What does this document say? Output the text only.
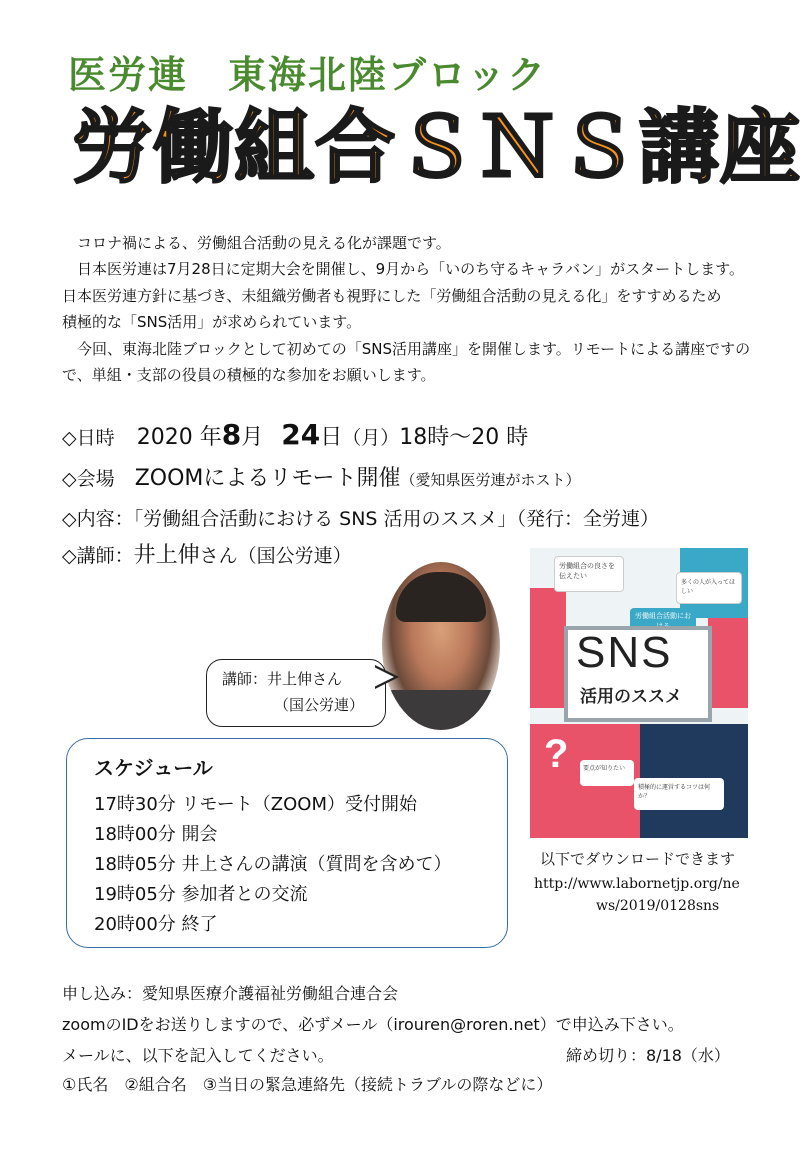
医労連　東海北陸ブロック
労働組合ＳＮＳ講座
　コロナ禍による、労働組合活動の見える化が課題です。
　日本医労連は7月28日に定期大会を開催し、9月から「いのち守るキャラバン」がスタートします。
日本医労連方針に基づき、未組織労働者も視野にした「労働組合活動の見える化」をすすめるため
積極的な「SNS活用」が求められています。
　今回、東海北陸ブロックとして初めての「SNS活用講座」を開催します。リモートによる講座ですの
で、単組・支部の役員の積極的な参加をお願いします。
◇日時 2020 年8月 24日（月）18時～20 時
◇会場 ZOOMによるリモート開催（愛知県医労連がホスト）
◇内容：「労働組合活動における SNS 活用のススメ」（発行：全労連）
◇講師：井上伸さん（国公労連）
講師：井上伸さん
（国公労連）
スケジュール
17時30分 リモート（ZOOM）受付開始
18時00分 開会
18時05分 井上さんの講演（質問を含めて）
19時05分 参加者との交流
20時00分 終了
労働組合の良さを伝えたい
多くの人が入ってほしい
労働組合活動にお
SNS
活用のススメ
?	要点が知りたい
積極的に運営するコツは何か？
以下でダウンロードできます
http://www.labornetjp.org/ne
ws/2019/0128sns
申し込み：愛知県医療介護福祉労働組合連合会
zoomのIDをお送りしますので、必ずメール（irouren@roren.net）で申込み下さい。
メールに、以下を記入してください。	締め切り：8/18（水）
①氏名　②組合名　③当日の緊急連絡先（接続トラブルの際などに）
